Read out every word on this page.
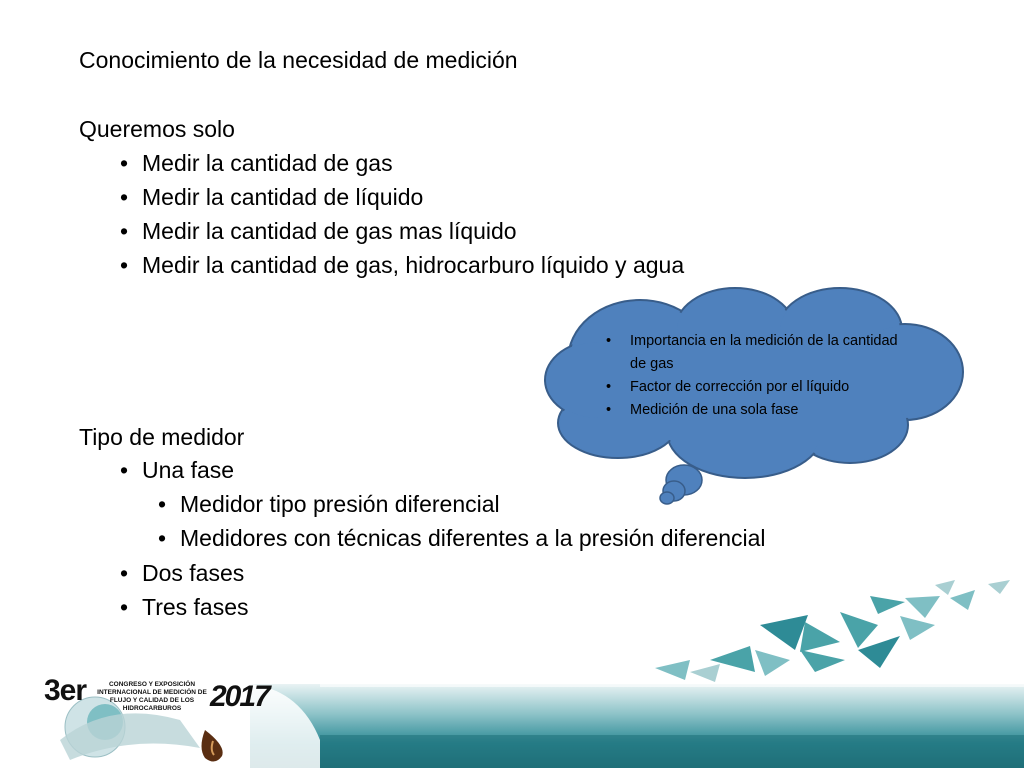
Conocimiento de la necesidad de medición
Queremos solo
• Medir la cantidad de gas
• Medir la cantidad de líquido
• Medir la cantidad de gas mas líquido
• Medir la cantidad de gas, hidrocarburo líquido y agua
Tipo de medidor
• Una fase
• Medidor tipo presión diferencial
• Medidores con técnicas diferentes a la presión diferencial
• Dos fases
• Tres fases
• Importancia en la medición de la cantidad de gas
• Factor de corrección por el líquido
• Medición de una sola fase
3er	CONGRESO Y EXPOSICIÓN INTERNACIONAL DE MEDICIÓN DE FLUJO Y CALIDAD DE LOS HIDROCARBUROS 2017
